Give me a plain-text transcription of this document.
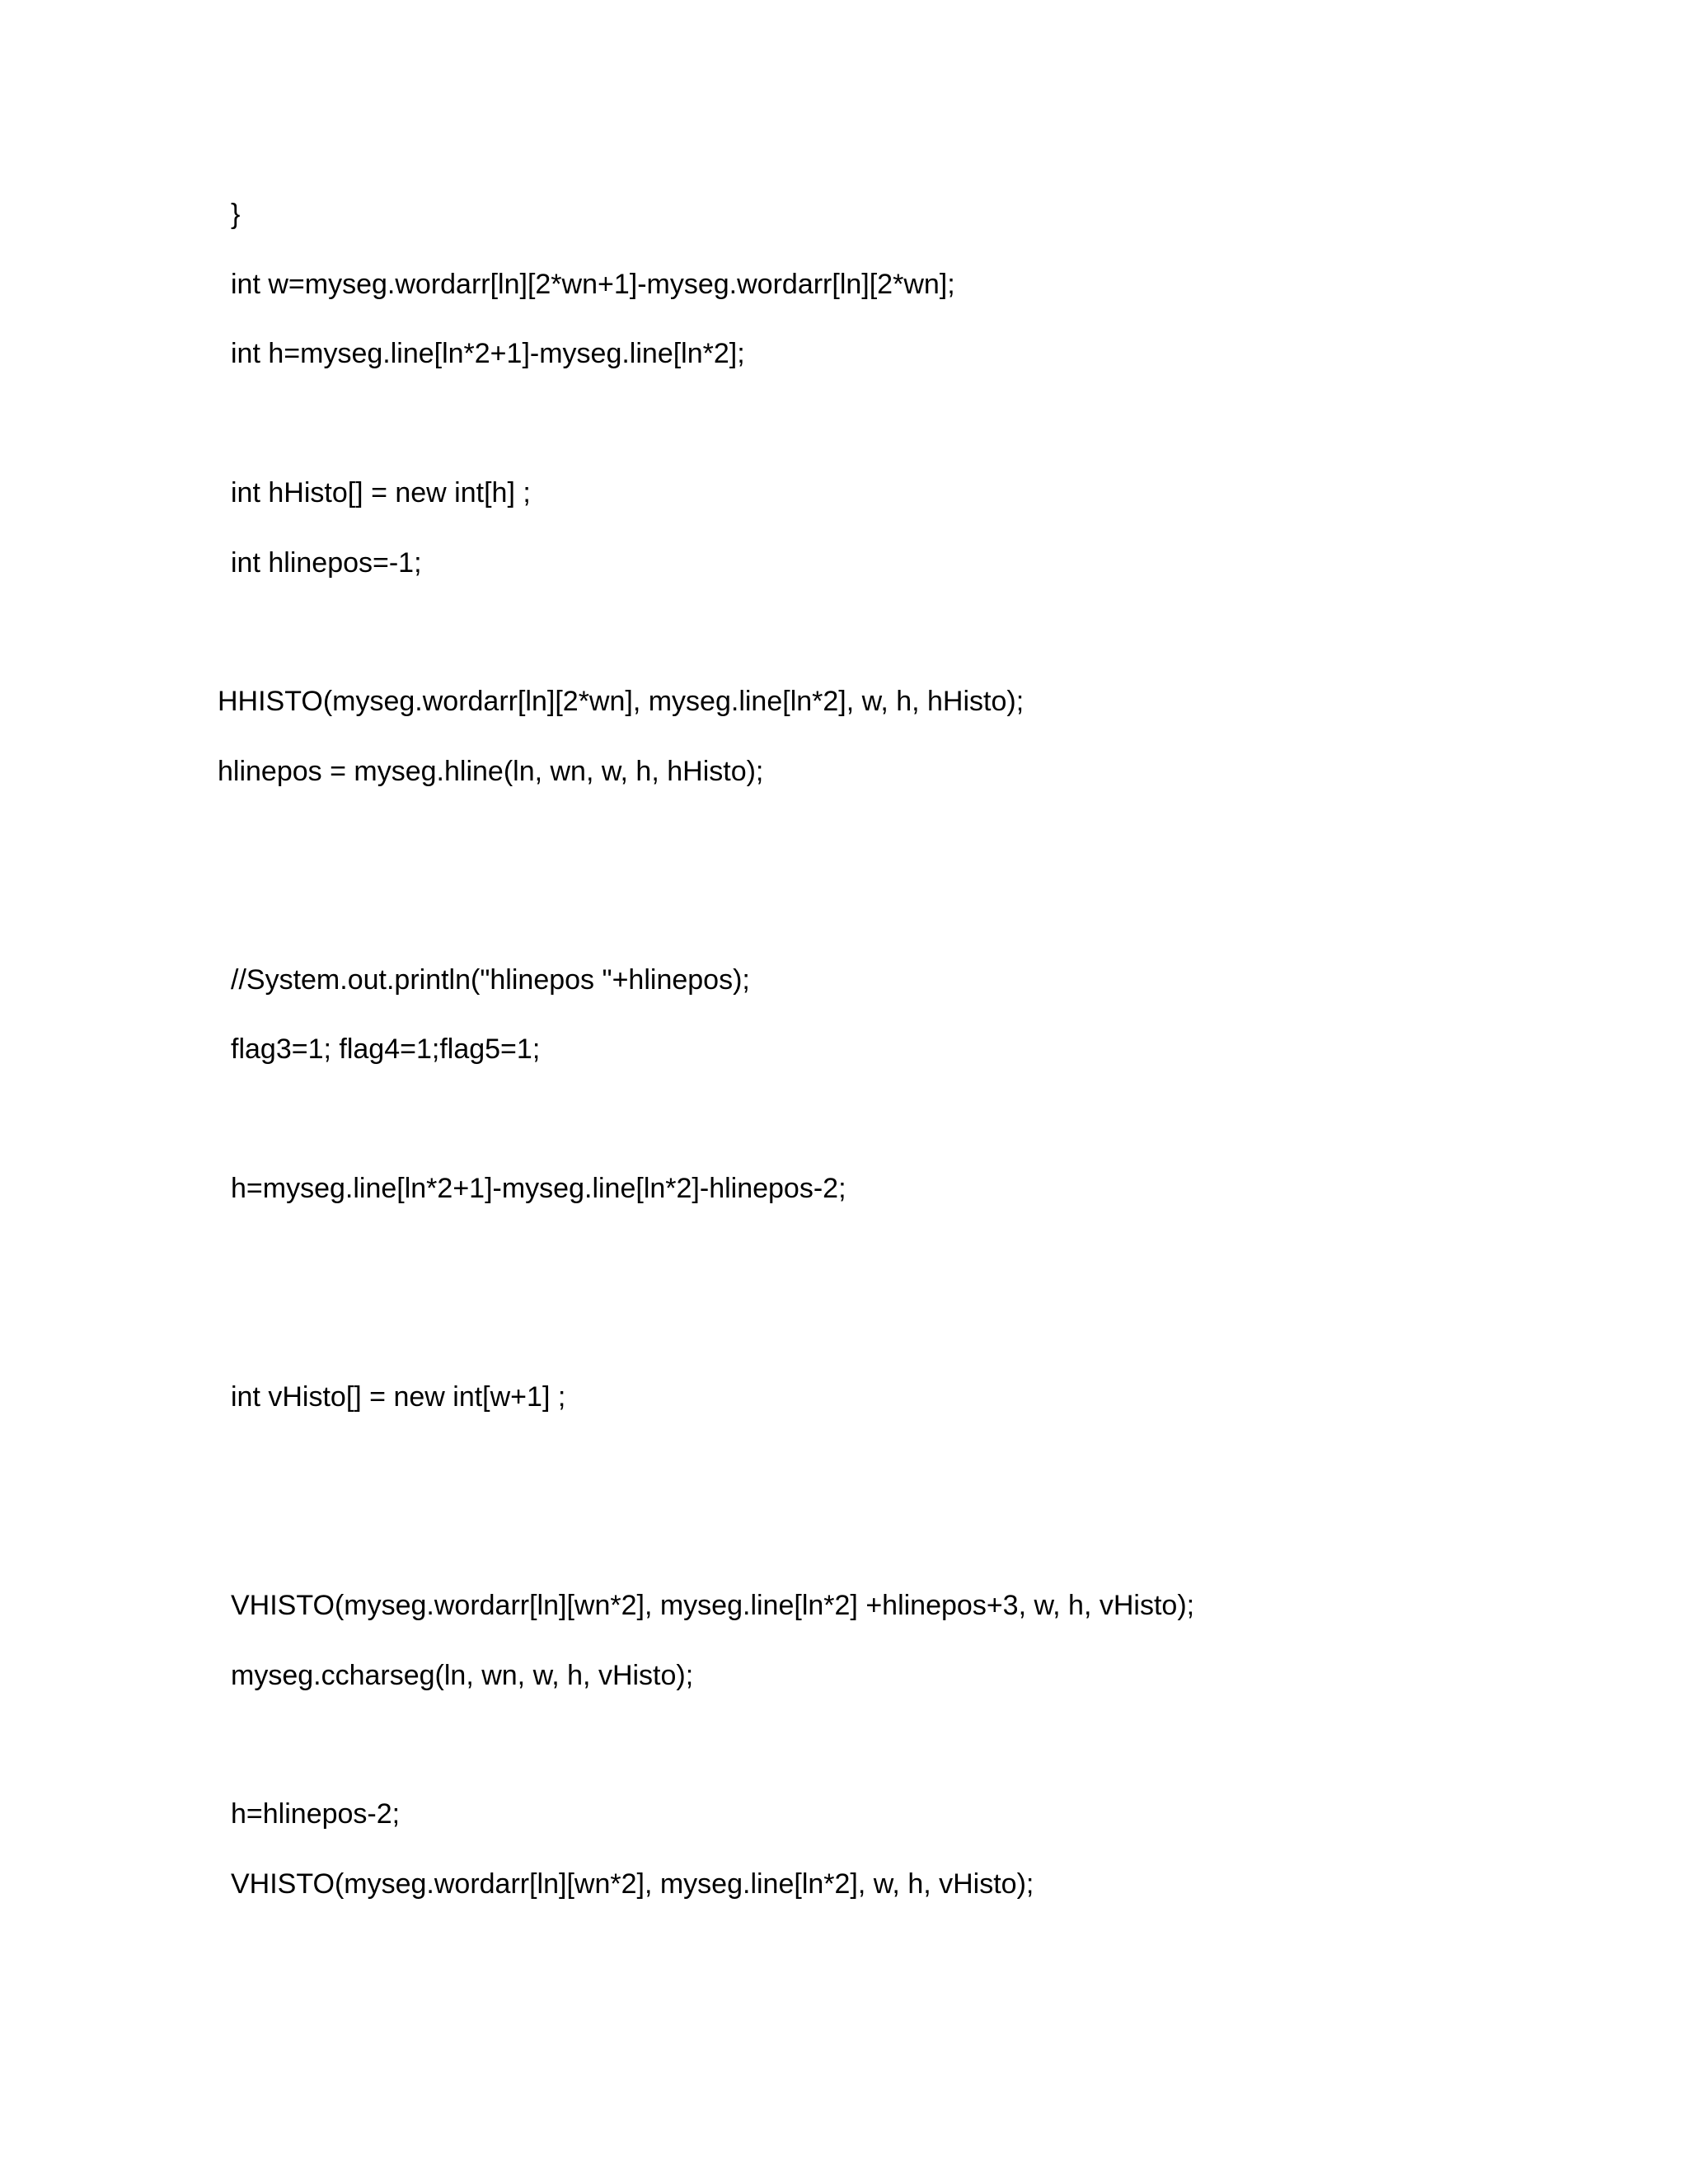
}
int w=myseg.wordarr[ln][2*wn+1]-myseg.wordarr[ln][2*wn];
int h=myseg.line[ln*2+1]-myseg.line[ln*2];
int hHisto[] = new int[h] ;
int hlinepos=-1;
HHISTO(myseg.wordarr[ln][2*wn], myseg.line[ln*2], w, h, hHisto);
hlinepos = myseg.hline(ln, wn, w, h, hHisto);
//System.out.println("hlinepos "+hlinepos);
flag3=1; flag4=1;flag5=1;
h=myseg.line[ln*2+1]-myseg.line[ln*2]-hlinepos-2;
int vHisto[] = new int[w+1] ;
VHISTO(myseg.wordarr[ln][wn*2], myseg.line[ln*2] +hlinepos+3, w, h, vHisto);
myseg.ccharseg(ln, wn, w, h, vHisto);
h=hlinepos-2;
VHISTO(myseg.wordarr[ln][wn*2], myseg.line[ln*2], w, h, vHisto);
